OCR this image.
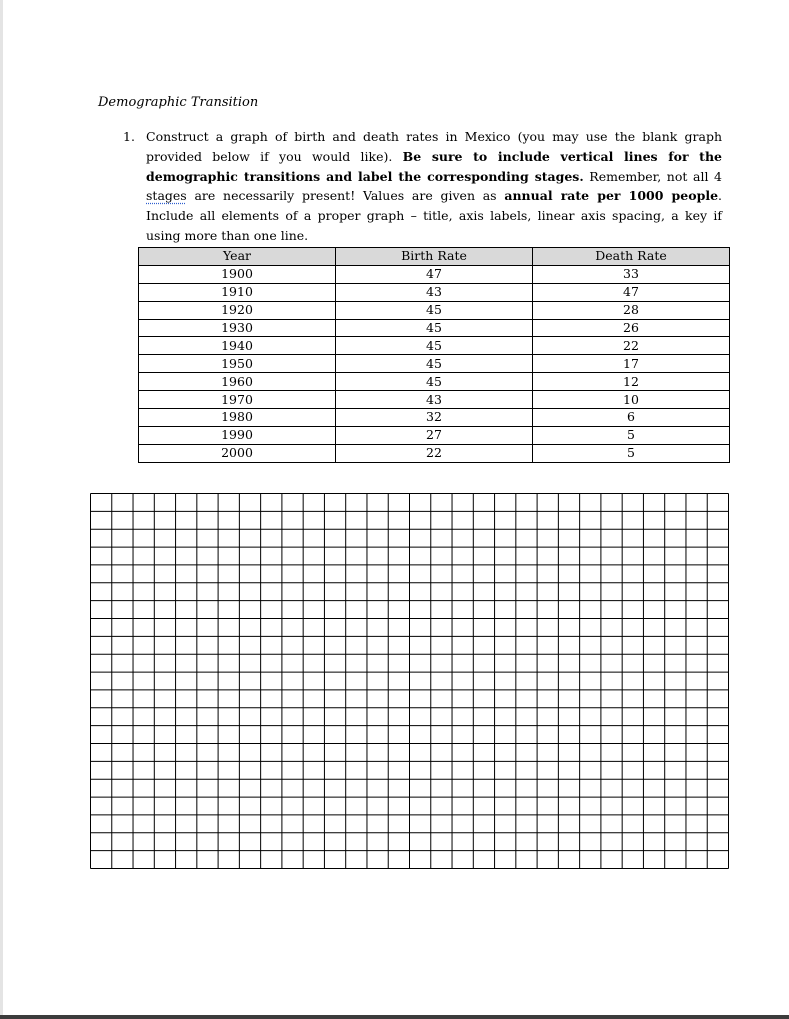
Demographic Transition
1. Construct a graph of birth and death rates in Mexico (you may use the blank graph provided below if you would like). Be sure to include vertical lines for the demographic transitions and label the corresponding stages. Remember, not all 4 stages are necessarily present! Values are given as annual rate per 1000 people. Include all elements of a proper graph – title, axis labels, linear axis spacing, a key if using more than one line.

Year	Birth Rate	Death Rate
1900	47	33
1910	43	47
1920	45	28
1930	45	26
1940	45	22
1950	45	17
1960	45	12
1970	43	10
1980	32	6
1990	27	5
2000	22	5
